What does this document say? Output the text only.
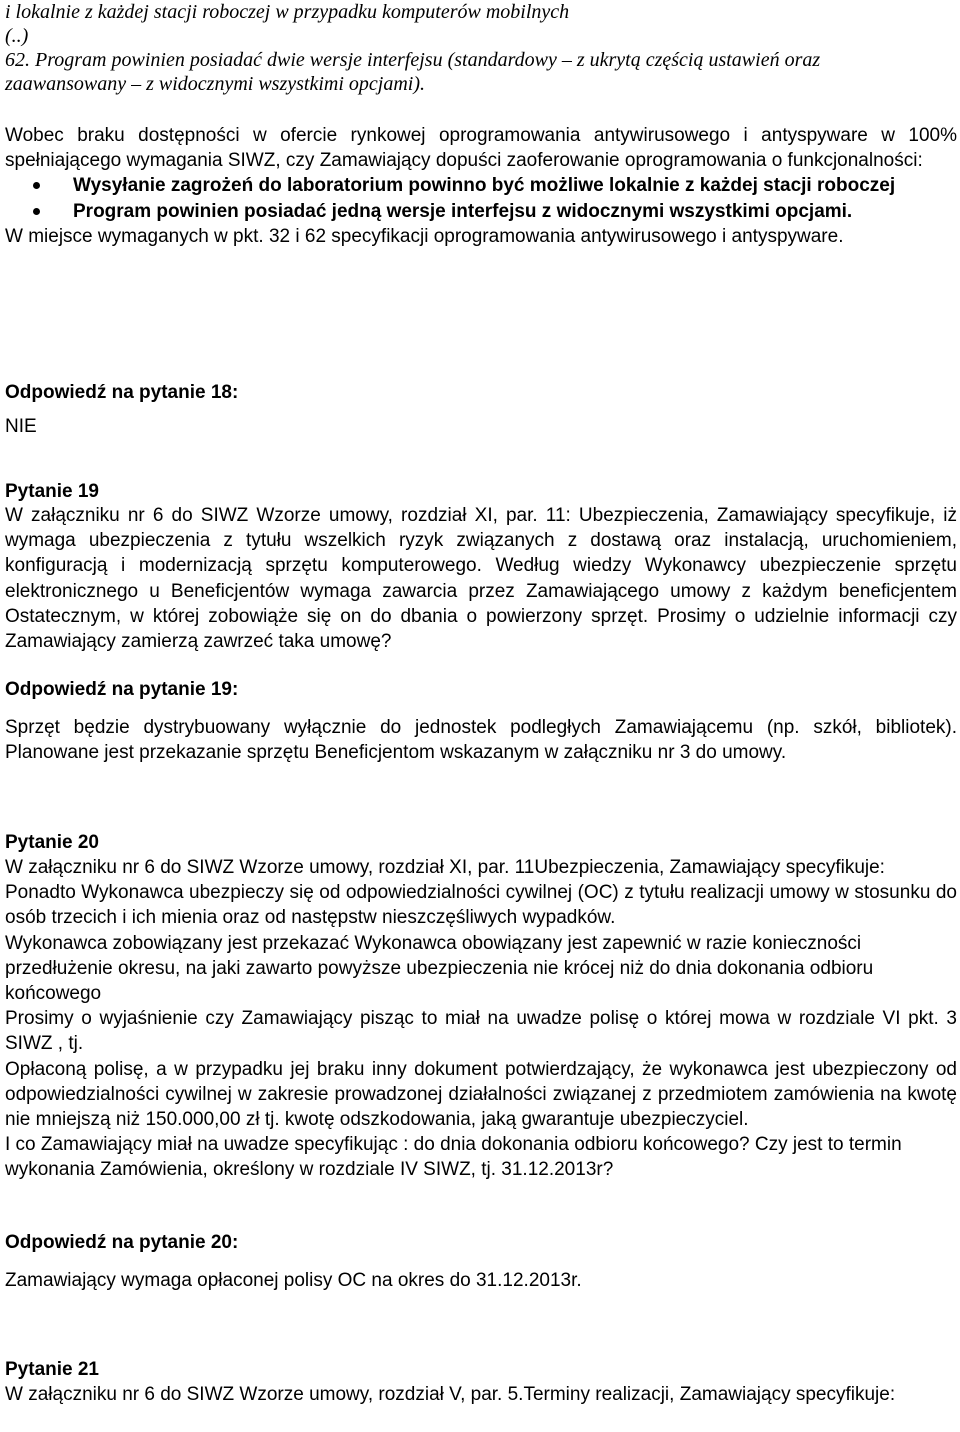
i lokalnie z każdej stacji roboczej w przypadku komputerów mobilnych

(..)

62. Program powinien posiadać dwie wersje interfejsu (standardowy – z ukrytą częścią ustawień oraz

zaawansowany – z widocznymi wszystkimi opcjami).

Wobec braku dostępności w ofercie rynkowej oprogramowania antywirusowego i antyspyware w 100% spełniającego wymagania SIWZ, czy Zamawiający dopuści zaoferowanie oprogramowania o funkcjonalności:

Wysyłanie zagrożeń do laboratorium powinno być możliwe lokalnie z każdej stacji roboczej
Program powinien posiadać jedną wersje interfejsu z widocznymi wszystkimi opcjami.

W miejsce wymaganych w pkt. 32 i 62 specyfikacji oprogramowania antywirusowego i antyspyware.

Odpowiedź na pytanie 18:

NIE

Pytanie 19

W załączniku nr 6 do SIWZ Wzorze umowy, rozdział XI, par. 11: Ubezpieczenia, Zamawiający specyfikuje, iż wymaga ubezpieczenia z tytułu wszelkich ryzyk związanych z dostawą oraz instalacją, uruchomieniem, konfiguracją i modernizacją sprzętu komputerowego. Według wiedzy Wykonawcy ubezpieczenie sprzętu elektronicznego u Beneficjentów wymaga zawarcia przez Zamawiającego umowy z każdym beneficjentem Ostatecznym, w której zobowiąże się on do dbania o powierzony sprzęt. Prosimy o udzielnie informacji czy Zamawiający zamierzą zawrzeć taka umowę?

Odpowiedź na pytanie 19:

Sprzęt będzie dystrybuowany wyłącznie do jednostek podległych Zamawiającemu (np. szkół, bibliotek). Planowane jest przekazanie sprzętu Beneficjentom wskazanym w załączniku nr 3 do umowy.

Pytanie 20

W załączniku nr 6 do SIWZ Wzorze umowy, rozdział XI, par. 11Ubezpieczenia, Zamawiający specyfikuje:

Ponadto Wykonawca ubezpieczy się od odpowiedzialności cywilnej (OC) z tytułu realizacji umowy w stosunku do osób trzecich i ich mienia oraz od następstw nieszczęśliwych wypadków.

Wykonawca zobowiązany jest przekazać Wykonawca obowiązany jest zapewnić w razie konieczności przedłużenie okresu, na jaki zawarto powyższe ubezpieczenia nie krócej niż do dnia dokonania odbioru końcowego

Prosimy o wyjaśnienie czy Zamawiający pisząc to miał na uwadze polisę o której mowa w rozdziale VI pkt. 3 SIWZ , tj.

Opłaconą polisę, a w przypadku jej braku inny dokument potwierdzający, że wykonawca jest ubezpieczony od odpowiedzialności cywilnej w zakresie prowadzonej działalności związanej z przedmiotem zamówienia na kwotę nie mniejszą niż 150.000,00 zł tj. kwotę odszkodowania, jaką gwarantuje ubezpieczyciel.

I co Zamawiający miał na uwadze specyfikując : do dnia dokonania odbioru końcowego? Czy jest to termin wykonania Zamówienia, określony w rozdziale IV SIWZ, tj. 31.12.2013r?

Odpowiedź na pytanie 20:

Zamawiający wymaga opłaconej polisy OC na okres do 31.12.2013r.

Pytanie 21

W załączniku nr 6 do SIWZ Wzorze umowy, rozdział V, par. 5.Terminy realizacji, Zamawiający specyfikuje:
